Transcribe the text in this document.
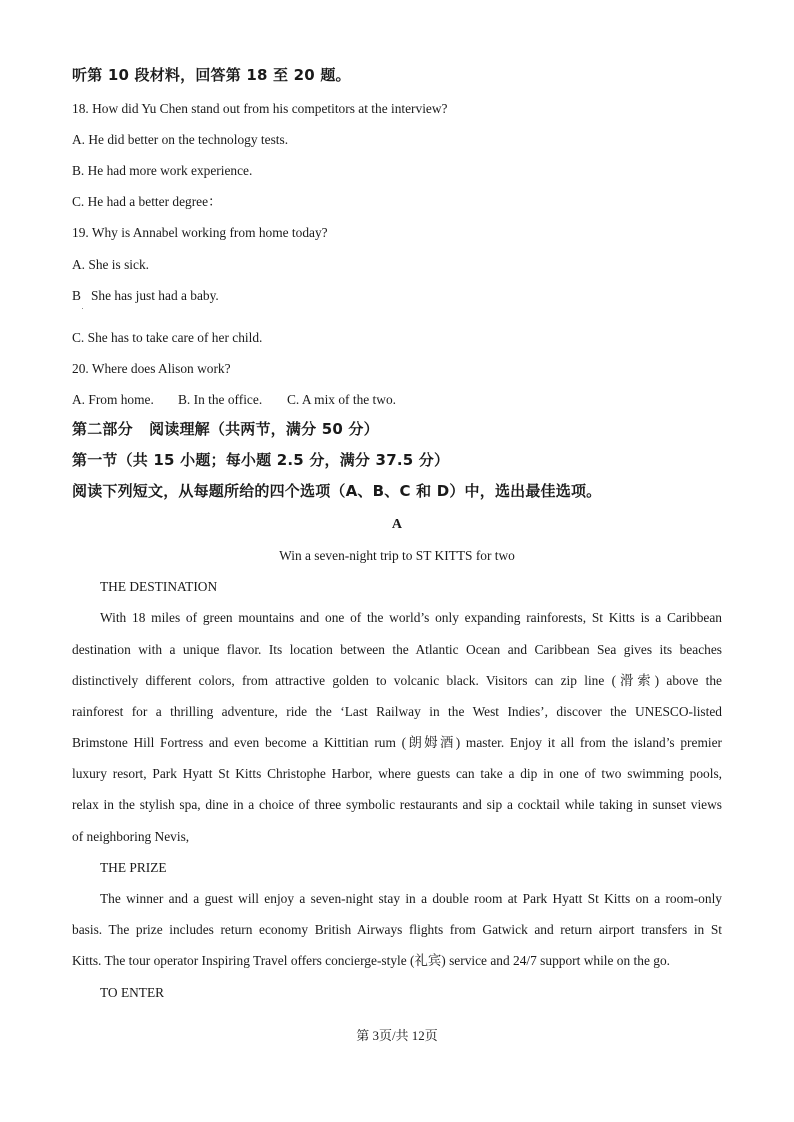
听第 10 段材料，回答第 18 至 20 题。
18. How did Yu Chen stand out from his competitors at the interview?
A. He did better on the technology tests.
B. He had more work experience.
C. He had a better degree：
19. Why is Annabel working from home today?
A. She is sick.
B   She has just had a baby.
C. She has to take care of her child.
20. Where does Alison work?
A. From home. B. In the office. C. A mix of the two.
第二部分   阅读理解（共两节，满分 50 分）
第一节（共 15 小题；每小题 2.5 分，满分 37.5 分）
阅读下列短文，从每题所给的四个选项（A、B、C 和 D）中，选出最佳选项。
A
Win a seven-night trip to ST KITTS for two
THE DESTINATION
With 18 miles of green mountains and one of the world’s only expanding rainforests, St Kitts is a Caribbean
destination with a unique flavor. Its location between the Atlantic Ocean and Caribbean Sea gives its beaches
distinctively different colors, from attractive golden to volcanic black. Visitors can zip line (滑索) above the
rainforest for a thrilling adventure, ride the ‘Last Railway in the West Indies’, discover the UNESCO-listed
Brimstone Hill Fortress and even become a Kittitian rum (朗姆酒) master. Enjoy it all from the island’s premier
luxury resort, Park Hyatt St Kitts Christophe Harbor, where guests can take a dip in one of two swimming pools,
relax in the stylish spa, dine in a choice of three symbolic restaurants and sip a cocktail while taking in sunset views
of neighboring Nevis,
THE PRIZE
The winner and a guest will enjoy a seven-night stay in a double room at Park Hyatt St Kitts on a room-only
basis. The prize includes return economy British Airways flights from Gatwick and return airport transfers in St
Kitts. The tour operator Inspiring Travel offers concierge-style (礼宾) service and 24/7 support while on the go.
TO ENTER
第 3页/共 12页
